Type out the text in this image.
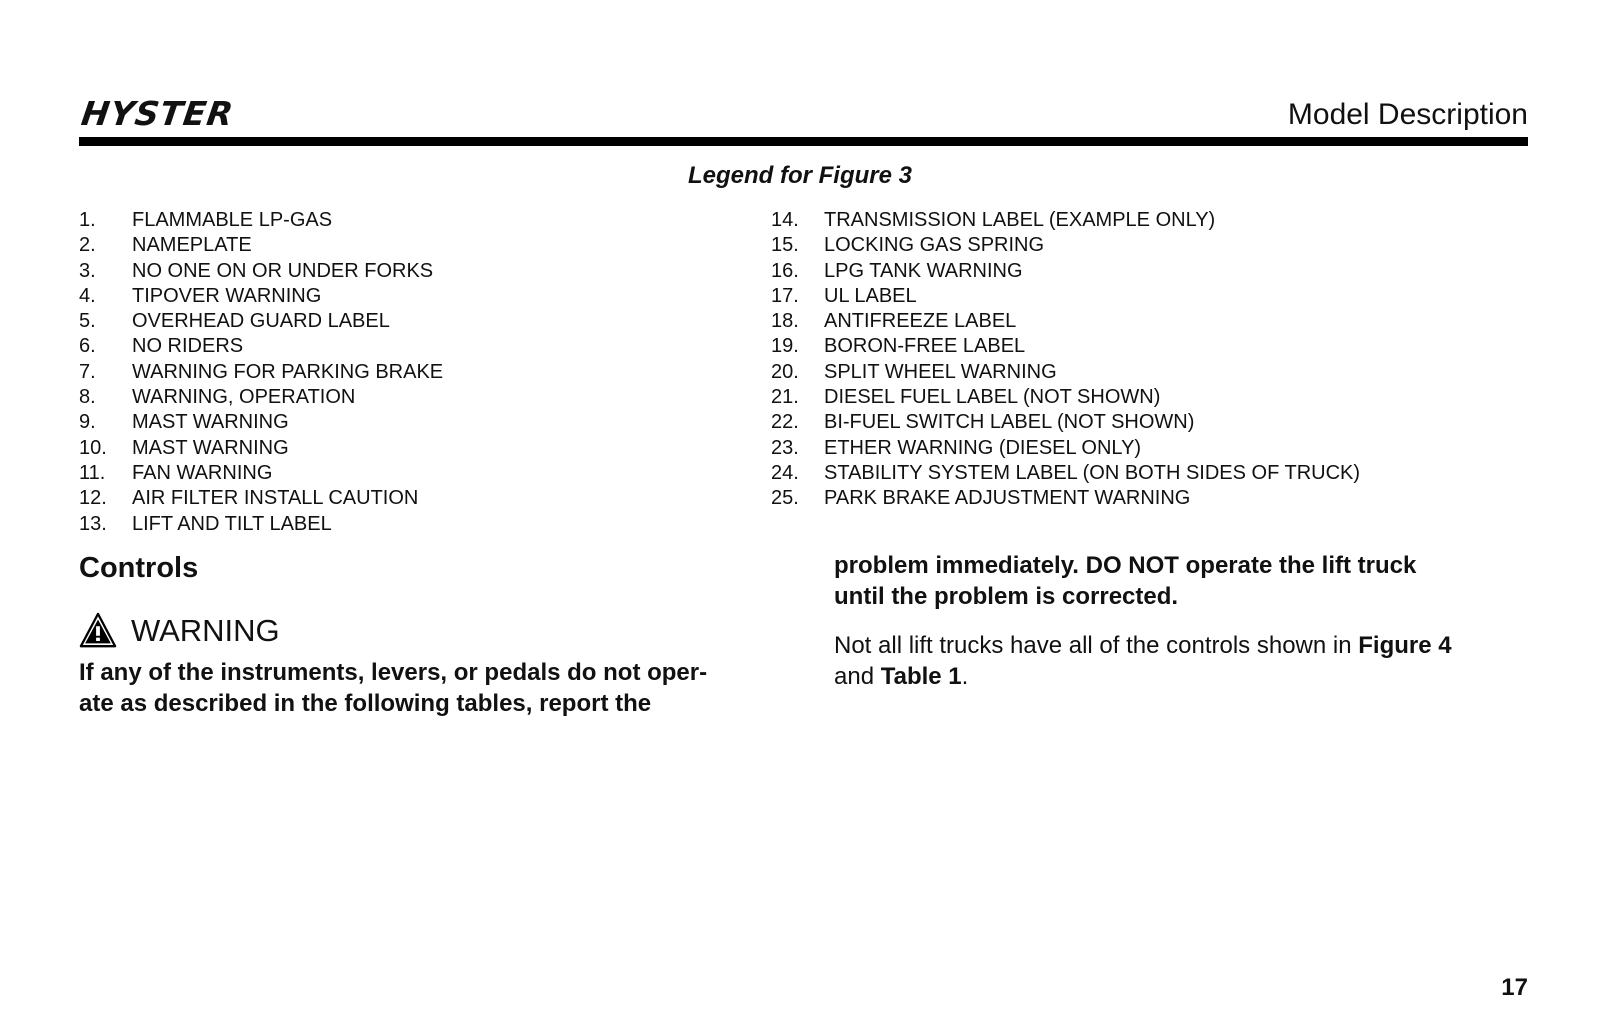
HYSTER	Model Description
Legend for Figure 3
1.	FLAMMABLE LP-GAS
2.	NAMEPLATE
3.	NO ONE ON OR UNDER FORKS
4.	TIPOVER WARNING
5.	OVERHEAD GUARD LABEL
6.	NO RIDERS
7.	WARNING FOR PARKING BRAKE
8.	WARNING, OPERATION
9.	MAST WARNING
10.	MAST WARNING
11.	FAN WARNING
12.	AIR FILTER INSTALL CAUTION
13.	LIFT AND TILT LABEL
14.	TRANSMISSION LABEL (EXAMPLE ONLY)
15.	LOCKING GAS SPRING
16.	LPG TANK WARNING
17.	UL LABEL
18.	ANTIFREEZE LABEL
19.	BORON-FREE LABEL
20.	SPLIT WHEEL WARNING
21.	DIESEL FUEL LABEL (NOT SHOWN)
22.	BI-FUEL SWITCH LABEL (NOT SHOWN)
23.	ETHER WARNING (DIESEL ONLY)
24.	STABILITY SYSTEM LABEL (ON BOTH SIDES OF TRUCK)
25.	PARK BRAKE ADJUSTMENT WARNING
Controls
WARNING
If any of the instruments, levers, or pedals do not oper-
ate as described in the following tables, report the
problem immediately. DO NOT operate the lift truck
until the problem is corrected.
Not all lift trucks have all of the controls shown in Figure 4
and Table 1.
17
